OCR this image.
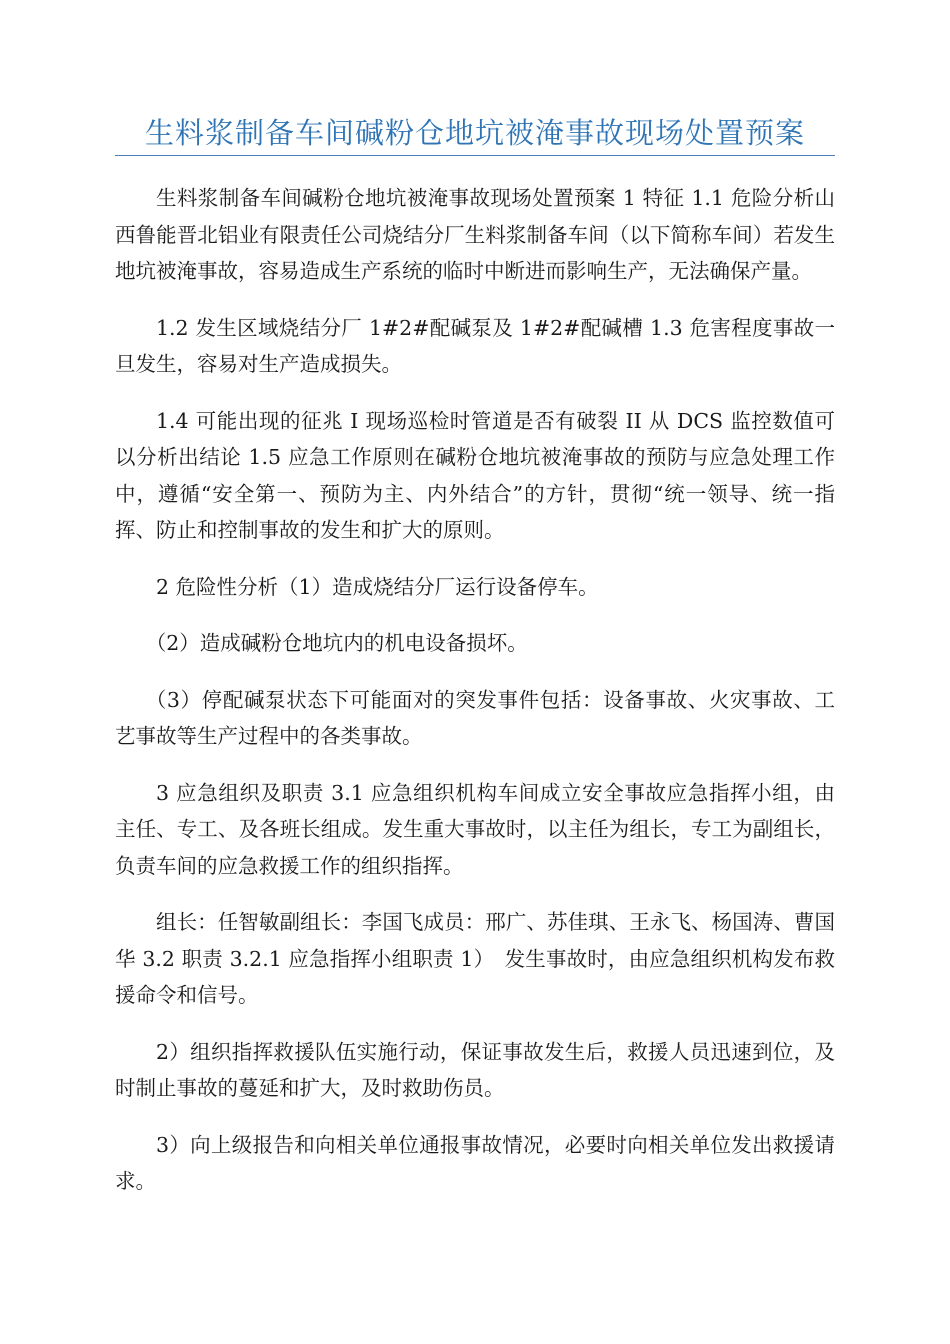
生料浆制备车间碱粉仓地坑被淹事故现场处置预案

生料浆制备车间碱粉仓地坑被淹事故现场处置预案 1 特征 1.1 危险分析山西鲁能晋北铝业有限责任公司烧结分厂生料浆制备车间（以下简称车间）若发生地坑被淹事故，容易造成生产系统的临时中断进而影响生产，无法确保产量。

1.2 发生区域烧结分厂 1#2#配碱泵及 1#2#配碱槽 1.3 危害程度事故一旦发生，容易对生产造成损失。

1.4 可能出现的征兆 I 现场巡检时管道是否有破裂 II 从 DCS 监控数值可以分析出结论 1.5 应急工作原则在碱粉仓地坑被淹事故的预防与应急处理工作中，遵循“安全第一、预防为主、内外结合”的方针，贯彻“统一领导、统一指挥、防止和控制事故的发生和扩大的原则。

2 危险性分析（1）造成烧结分厂运行设备停车。

（2）造成碱粉仓地坑内的机电设备损坏。

（3）停配碱泵状态下可能面对的突发事件包括：设备事故、火灾事故、工艺事故等生产过程中的各类事故。

3 应急组织及职责 3.1 应急组织机构车间成立安全事故应急指挥小组，由主任、专工、及各班长组成。发生重大事故时，以主任为组长，专工为副组长，负责车间的应急救援工作的组织指挥。

组长：任智敏副组长：李国飞成员：邢广、苏佳琪、王永飞、杨国涛、曹国华 3.2 职责 3.2.1 应急指挥小组职责 1）　发生事故时，由应急组织机构发布救援命令和信号。

2）组织指挥救援队伍实施行动，保证事故发生后，救援人员迅速到位，及时制止事故的蔓延和扩大，及时救助伤员。

3）向上级报告和向相关单位通报事故情况，必要时向相关单位发出救援请求。
